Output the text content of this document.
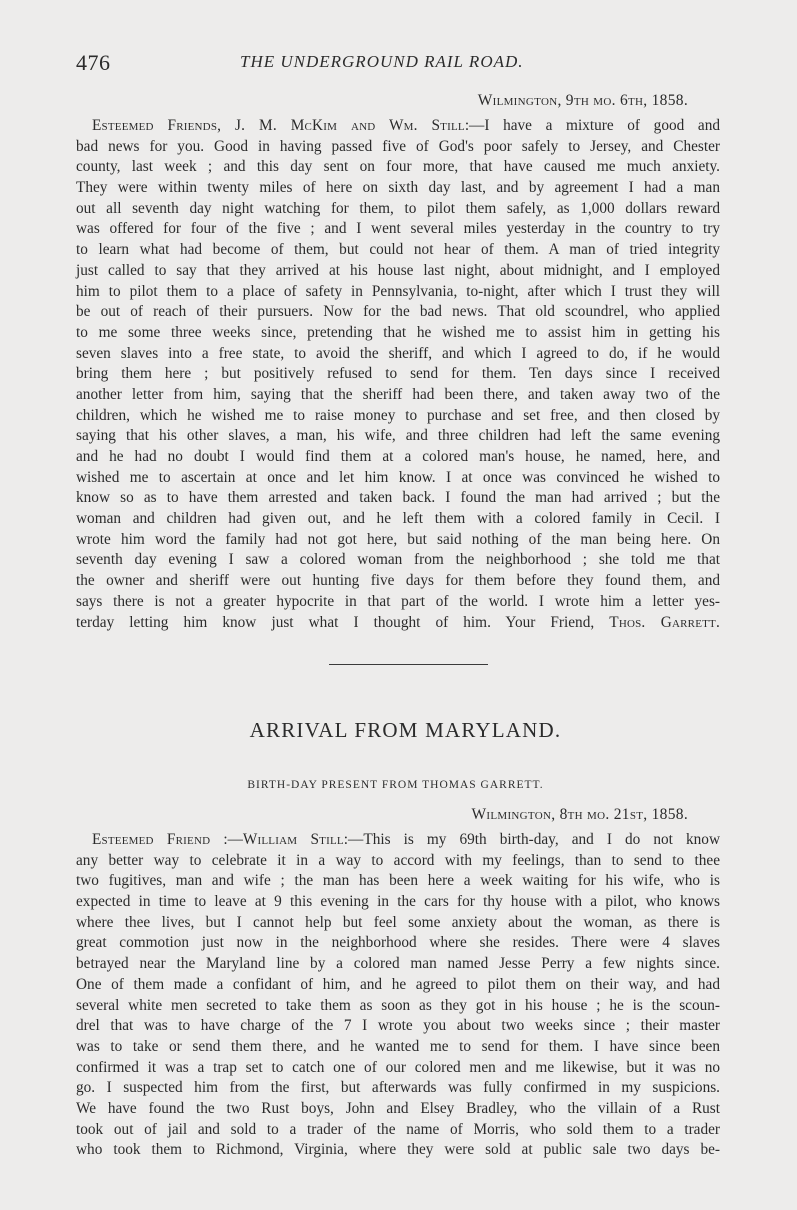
476	THE UNDERGROUND RAIL ROAD.
Wilmington, 9th mo. 6th, 1858.
Esteemed Friends, J. M. McKim and Wm. Still:—I have a mixture of good and
bad news for you. Good in having passed five of God's poor safely to Jersey, and Chester
county, last week ; and this day sent on four more, that have caused me much anxiety.
They were within twenty miles of here on sixth day last, and by agreement I had a man
out all seventh day night watching for them, to pilot them safely, as 1,000 dollars reward
was offered for four of the five ; and I went several miles yesterday in the country to try
to learn what had become of them, but could not hear of them. A man of tried integrity
just called to say that they arrived at his house last night, about midnight, and I employed
him to pilot them to a place of safety in Pennsylvania, to-night, after which I trust they will
be out of reach of their pursuers. Now for the bad news. That old scoundrel, who applied
to me some three weeks since, pretending that he wished me to assist him in getting his
seven slaves into a free state, to avoid the sheriff, and which I agreed to do, if he would
bring them here ; but positively refused to send for them. Ten days since I received
another letter from him, saying that the sheriff had been there, and taken away two of the
children, which he wished me to raise money to purchase and set free, and then closed by
saying that his other slaves, a man, his wife, and three children had left the same evening
and he had no doubt I would find them at a colored man's house, he named, here, and
wished me to ascertain at once and let him know. I at once was convinced he wished to
know so as to have them arrested and taken back. I found the man had arrived ; but the
woman and children had given out, and he left them with a colored family in Cecil. I
wrote him word the family had not got here, but said nothing of the man being here. On
seventh day evening I saw a colored woman from the neighborhood ; she told me that
the owner and sheriff were out hunting five days for them before they found them, and
says there is not a greater hypocrite in that part of the world. I wrote him a letter yes-
terday letting him know just what I thought of him. Your Friend, Thos. Garrett.
ARRIVAL FROM MARYLAND.
BIRTH-DAY PRESENT FROM THOMAS GARRETT.
Wilmington, 8th mo. 21st, 1858.
Esteemed Friend :—William Still:—This is my 69th birth-day, and I do not know
any better way to celebrate it in a way to accord with my feelings, than to send to thee
two fugitives, man and wife ; the man has been here a week waiting for his wife, who is
expected in time to leave at 9 this evening in the cars for thy house with a pilot, who knows
where thee lives, but I cannot help but feel some anxiety about the woman, as there is
great commotion just now in the neighborhood where she resides. There were 4 slaves
betrayed near the Maryland line by a colored man named Jesse Perry a few nights since.
One of them made a confidant of him, and he agreed to pilot them on their way, and had
several white men secreted to take them as soon as they got in his house ; he is the scoun-
drel that was to have charge of the 7 I wrote you about two weeks since ; their master
was to take or send them there, and he wanted me to send for them. I have since been
confirmed it was a trap set to catch one of our colored men and me likewise, but it was no
go. I suspected him from the first, but afterwards was fully confirmed in my suspicions.
We have found the two Rust boys, John and Elsey Bradley, who the villain of a Rust
took out of jail and sold to a trader of the name of Morris, who sold them to a trader
who took them to Richmond, Virginia, where they were sold at public sale two days be-
